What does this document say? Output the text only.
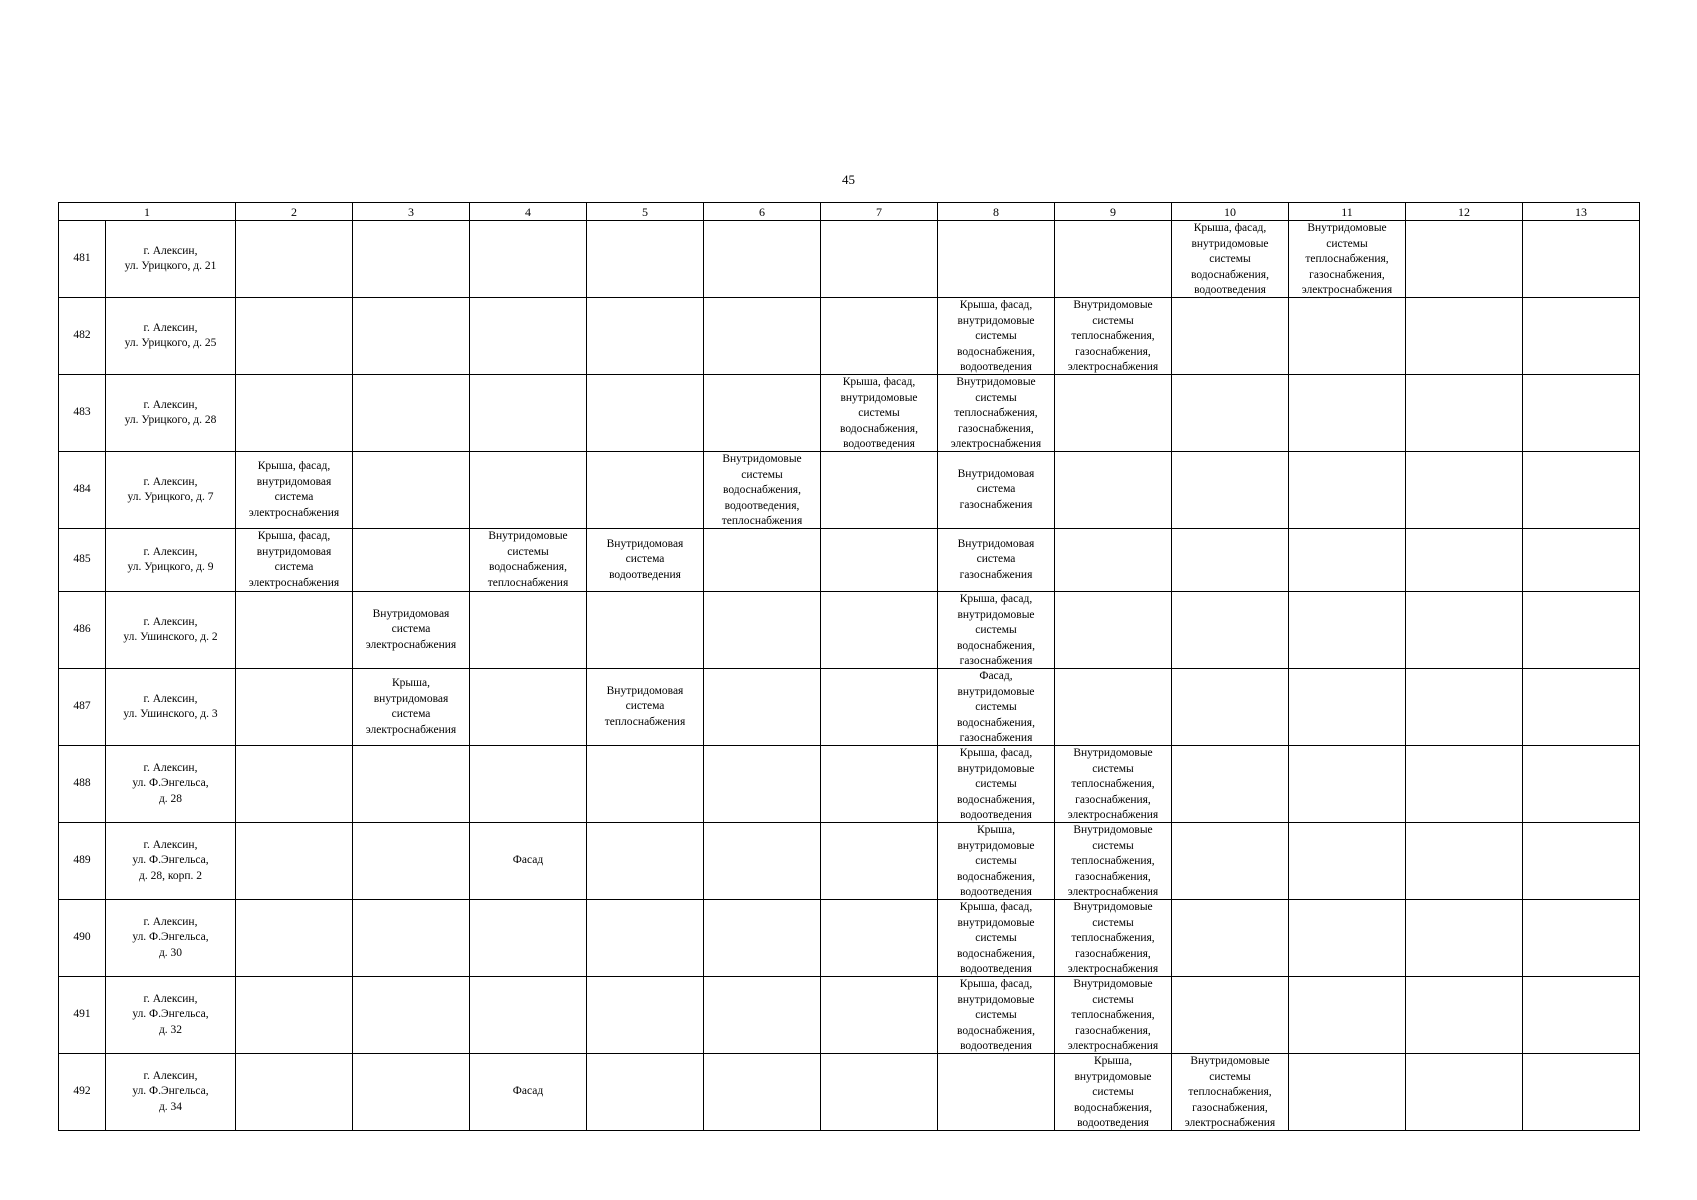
45
1		2	3	4	5	6	7	8	9	10	11	12	13
481	г. Алексин,
ул. Урицкого, д. 21									Крыша, фасад,
внутридомовые
системы
водоснабжения,
водоотведения	Внутридомовые
системы
теплоснабжения,
газоснабжения,
электроснабжения		

482	г. Алексин,
ул. Урицкого, д. 25							Крыша, фасад,
внутридомовые
системы
водоснабжения,
водоотведения	Внутридомовые
системы
теплоснабжения,
газоснабжения,
электроснабжения				

483	г. Алексин,
ул. Урицкого, д. 28						Крыша, фасад,
внутридомовые
системы
водоснабжения,
водоотведения	Внутридомовые
системы
теплоснабжения,
газоснабжения,
электроснабжения					

484	г. Алексин,
ул. Урицкого, д. 7	Крыша, фасад,
внутридомовая
система
электроснабжения				Внутридомовые
системы
водоснабжения,
водоотведения,
теплоснабжения		Внутридомовая
система
газоснабжения					

485	г. Алексин,
ул. Урицкого, д. 9	Крыша, фасад,
внутридомовая
система
электроснабжения		Внутридомовые
системы
водоснабжения,
теплоснабжения	Внутридомовая
система
водоотведения			Внутридомовая
система
газоснабжения					

486	г. Алексин,
ул. Ушинского, д. 2		Внутридомовая
система
электроснабжения					Крыша, фасад,
внутридомовые
системы
водоснабжения,
газоснабжения					

487	г. Алексин,
ул. Ушинского, д. 3		Крыша,
внутридомовая
система
электроснабжения		Внутридомовая
система
теплоснабжения			Фасад,
внутридомовые
системы
водоснабжения,
газоснабжения					

488	г. Алексин,
ул. Ф.Энгельса,
д. 28							Крыша, фасад,
внутридомовые
системы
водоснабжения,
водоотведения	Внутридомовые
системы
теплоснабжения,
газоснабжения,
электроснабжения				

489	г. Алексин,
ул. Ф.Энгельса,
д. 28, корп. 2			Фасад				Крыша,
внутридомовые
системы
водоснабжения,
водоотведения	Внутридомовые
системы
теплоснабжения,
газоснабжения,
электроснабжения				

490	г. Алексин,
ул. Ф.Энгельса,
д. 30							Крыша, фасад,
внутридомовые
системы
водоснабжения,
водоотведения	Внутридомовые
системы
теплоснабжения,
газоснабжения,
электроснабжения				

491	г. Алексин,
ул. Ф.Энгельса,
д. 32							Крыша, фасад,
внутридомовые
системы
водоснабжения,
водоотведения	Внутридомовые
системы
теплоснабжения,
газоснабжения,
электроснабжения				

492	г. Алексин,
ул. Ф.Энгельса,
д. 34			Фасад					Крыша,
внутридомовые
системы
водоснабжения,
водоотведения	Внутридомовые
системы
теплоснабжения,
газоснабжения,
электроснабжения			
